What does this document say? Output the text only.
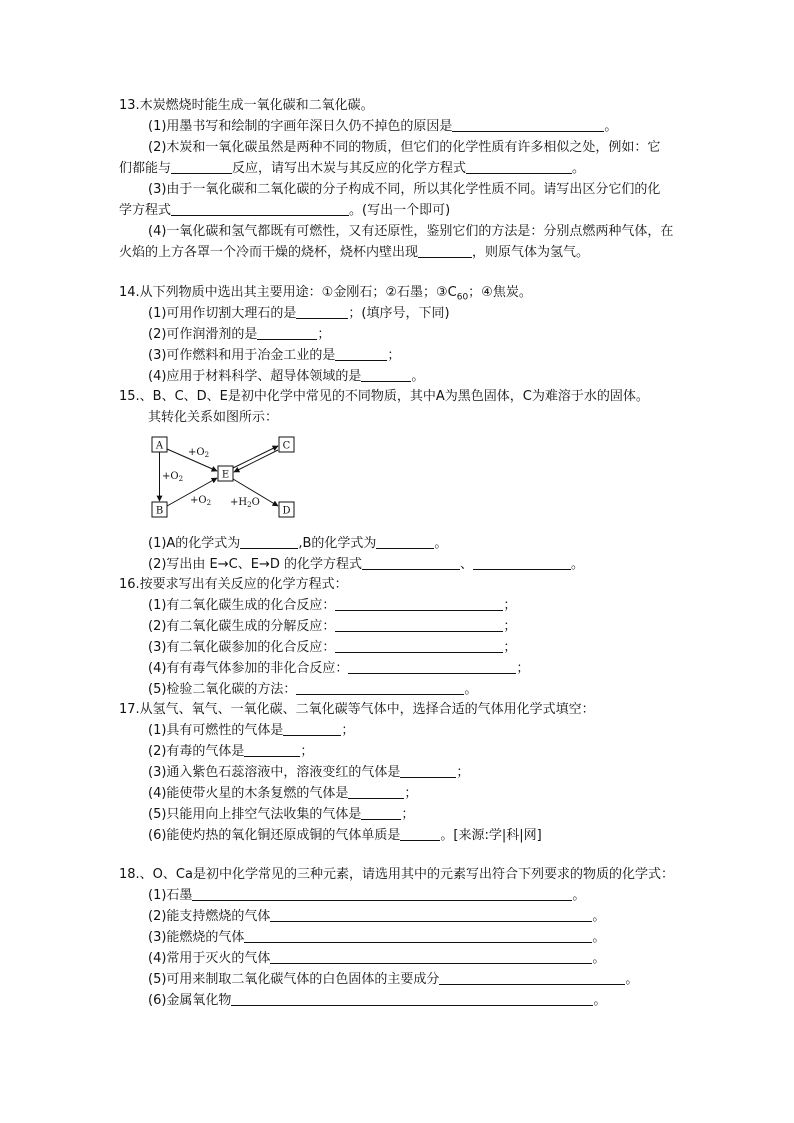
13.木炭燃烧时能生成一氧化碳和二氧化碳。
(1)用墨书写和绘制的字画年深日久仍不掉色的原因是	。
(2)木炭和一氧化碳虽然是两种不同的物质，但它们的化学性质有许多相似之处，例如：它
们都能与	反应，请写出木炭与其反应的化学方程式	。
(3)由于一氧化碳和二氧化碳的分子构成不同，所以其化学性质不同。请写出区分它们的化
学方程式	。(写出一个即可)
(4)一氧化碳和氢气都既有可燃性，又有还原性，鉴别它们的方法是：分别点燃两种气体，在
火焰的上方各罩一个冷而干燥的烧杯，烧杯内壁出现	，则原气体为氢气。
14.从下列物质中选出其主要用途：①金刚石；②石墨；$③C_{60}$；④焦炭。
(1)可用作切割大理石的是	；(填序号，下同)
(2)可作润滑剂的是	；
(3)可作燃料和用于冶金工业的是	；
(4)应用于材料科学、超导体领域的是	。
15.、B、C、D、E是初中化学中常见的不同物质，其中A为黑色固体，C为难溶于水的固体。
其转化关系如图所示：
A
B
E
C
D
$+O_2$
$+O_2$
$+O_2 +H_2O$
(1)A的化学式为	,B的化学式为	。
(2)写出由 E→C、E→D 的化学方程式	、	。
16.按要求写出有关反应的化学方程式：
(1)有二氧化碳生成的化合反应：	；
(2)有二氧化碳生成的分解反应：	；
(3)有二氧化碳参加的化合反应：	；
(4)有有毒气体参加的非化合反应：	；
(5)检验二氧化碳的方法：	。
17.从氢气、氧气、一氧化碳、二氧化碳等气体中，选择合适的气体用化学式填空：
(1)具有可燃性的气体是	；
(2)有毒的气体是	；
(3)通入紫色石蕊溶液中，溶液变红的气体是	；
(4)能使带火星的木条复燃的气体是	；
(5)只能用向上排空气法收集的气体是	；
(6)能使灼热的氧化铜还原成铜的气体单质是	。[来源:学|科|网]
18.、O、Ca是初中化学常见的三种元素，请选用其中的元素写出符合下列要求的物质的化学式：
(1)石墨	。
(2)能支持燃烧的气体	。
(3)能燃烧的气体	。
(4)常用于灭火的气体	。
(5)可用来制取二氧化碳气体的白色固体的主要成分	。
(6)金属氧化物	。
